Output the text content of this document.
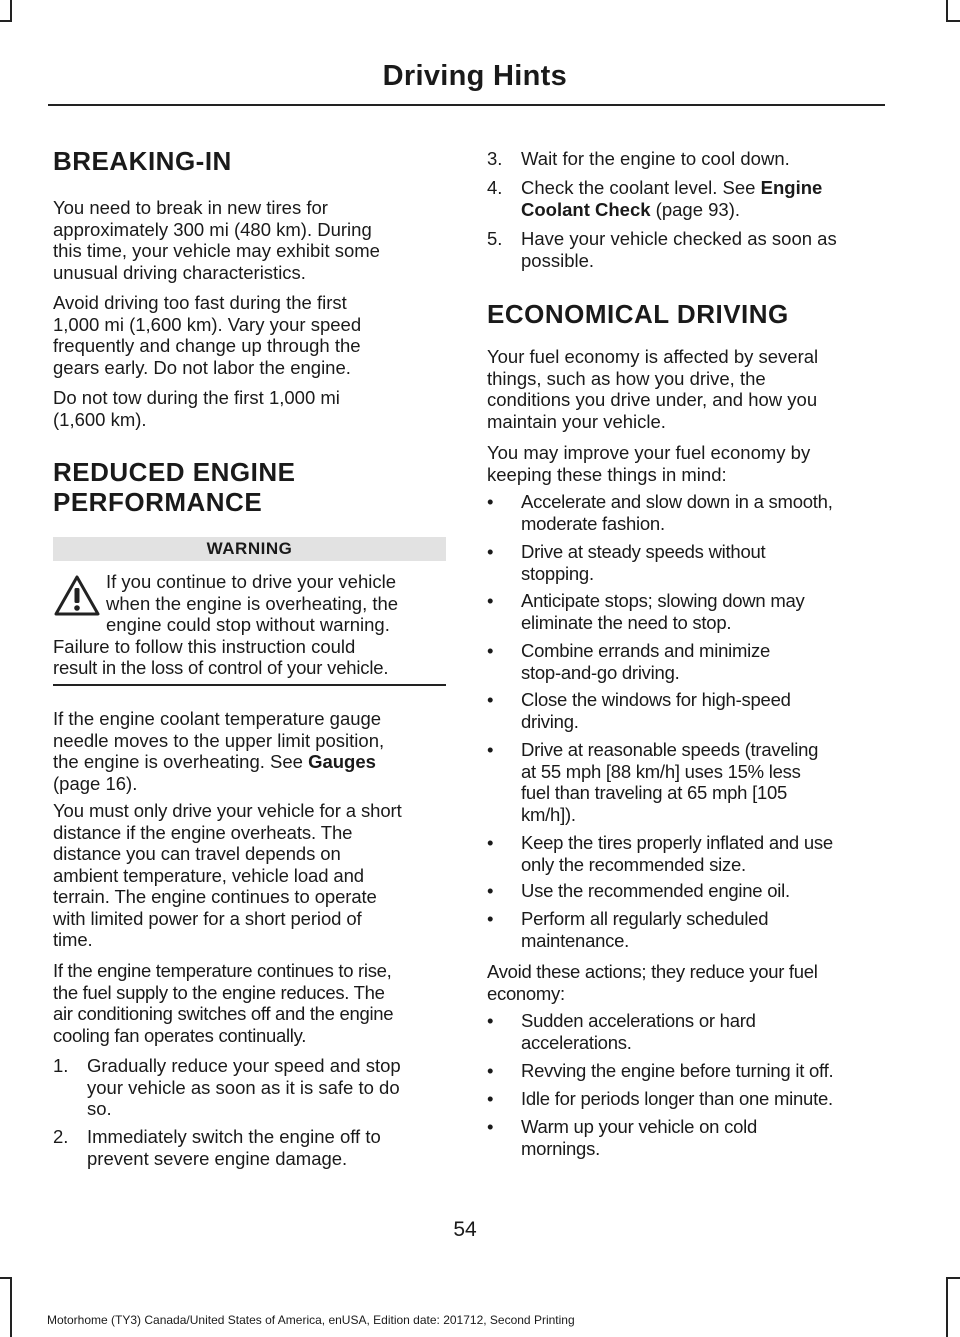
Driving Hints
BREAKING-IN

You need to break in new tires for
approximately 300 mi (480 km). During
this time, your vehicle may exhibit some
unusual driving characteristics.

Avoid driving too fast during the first
1,000 mi (1,600 km). Vary your speed
frequently and change up through the
gears early. Do not labor the engine.

Do not tow during the first 1,000 mi
(1,600 km).

REDUCED ENGINE
PERFORMANCE
WARNING

If you continue to drive your vehicle
when the engine is overheating, the
engine could stop without warning.
Failure to follow this instruction could
result in the loss of control of your vehicle.

If the engine coolant temperature gauge
needle moves to the upper limit position,
the engine is overheating. See Gauges
(page 16).

You must only drive your vehicle for a short
distance if the engine overheats. The
distance you can travel depends on
ambient temperature, vehicle load and
terrain. The engine continues to operate
with limited power for a short period of
time.

If the engine temperature continues to rise,
the fuel supply to the engine reduces. The
air conditioning switches off and the engine
cooling fan operates continually.

1. Gradually reduce your speed and stop
your vehicle as soon as it is safe to do
so.
2. Immediately switch the engine off to
prevent severe engine damage.
3. Wait for the engine to cool down.
4. Check the coolant level. See Engine
Coolant Check (page 93).
5. Have your vehicle checked as soon as
possible.
ECONOMICAL DRIVING

Your fuel economy is affected by several
things, such as how you drive, the
conditions you drive under, and how you
maintain your vehicle.

You may improve your fuel economy by
keeping these things in mind:

• Accelerate and slow down in a smooth,
moderate fashion.
• Drive at steady speeds without
stopping.
• Anticipate stops; slowing down may
eliminate the need to stop.
• Combine errands and minimize
stop-and-go driving.
• Close the windows for high-speed
driving.
• Drive at reasonable speeds (traveling
at 55 mph [88 km/h] uses 15% less
fuel than traveling at 65 mph [105
km/h]).
• Keep the tires properly inflated and use
only the recommended size.
• Use the recommended engine oil.
• Perform all regularly scheduled
maintenance.

Avoid these actions; they reduce your fuel
economy:

• Sudden accelerations or hard
accelerations.
• Revving the engine before turning it off.
• Idle for periods longer than one minute.
• Warm up your vehicle on cold
mornings.
54
Motorhome (TY3) Canada/United States of America, enUSA, Edition date: 201712, Second Printing
